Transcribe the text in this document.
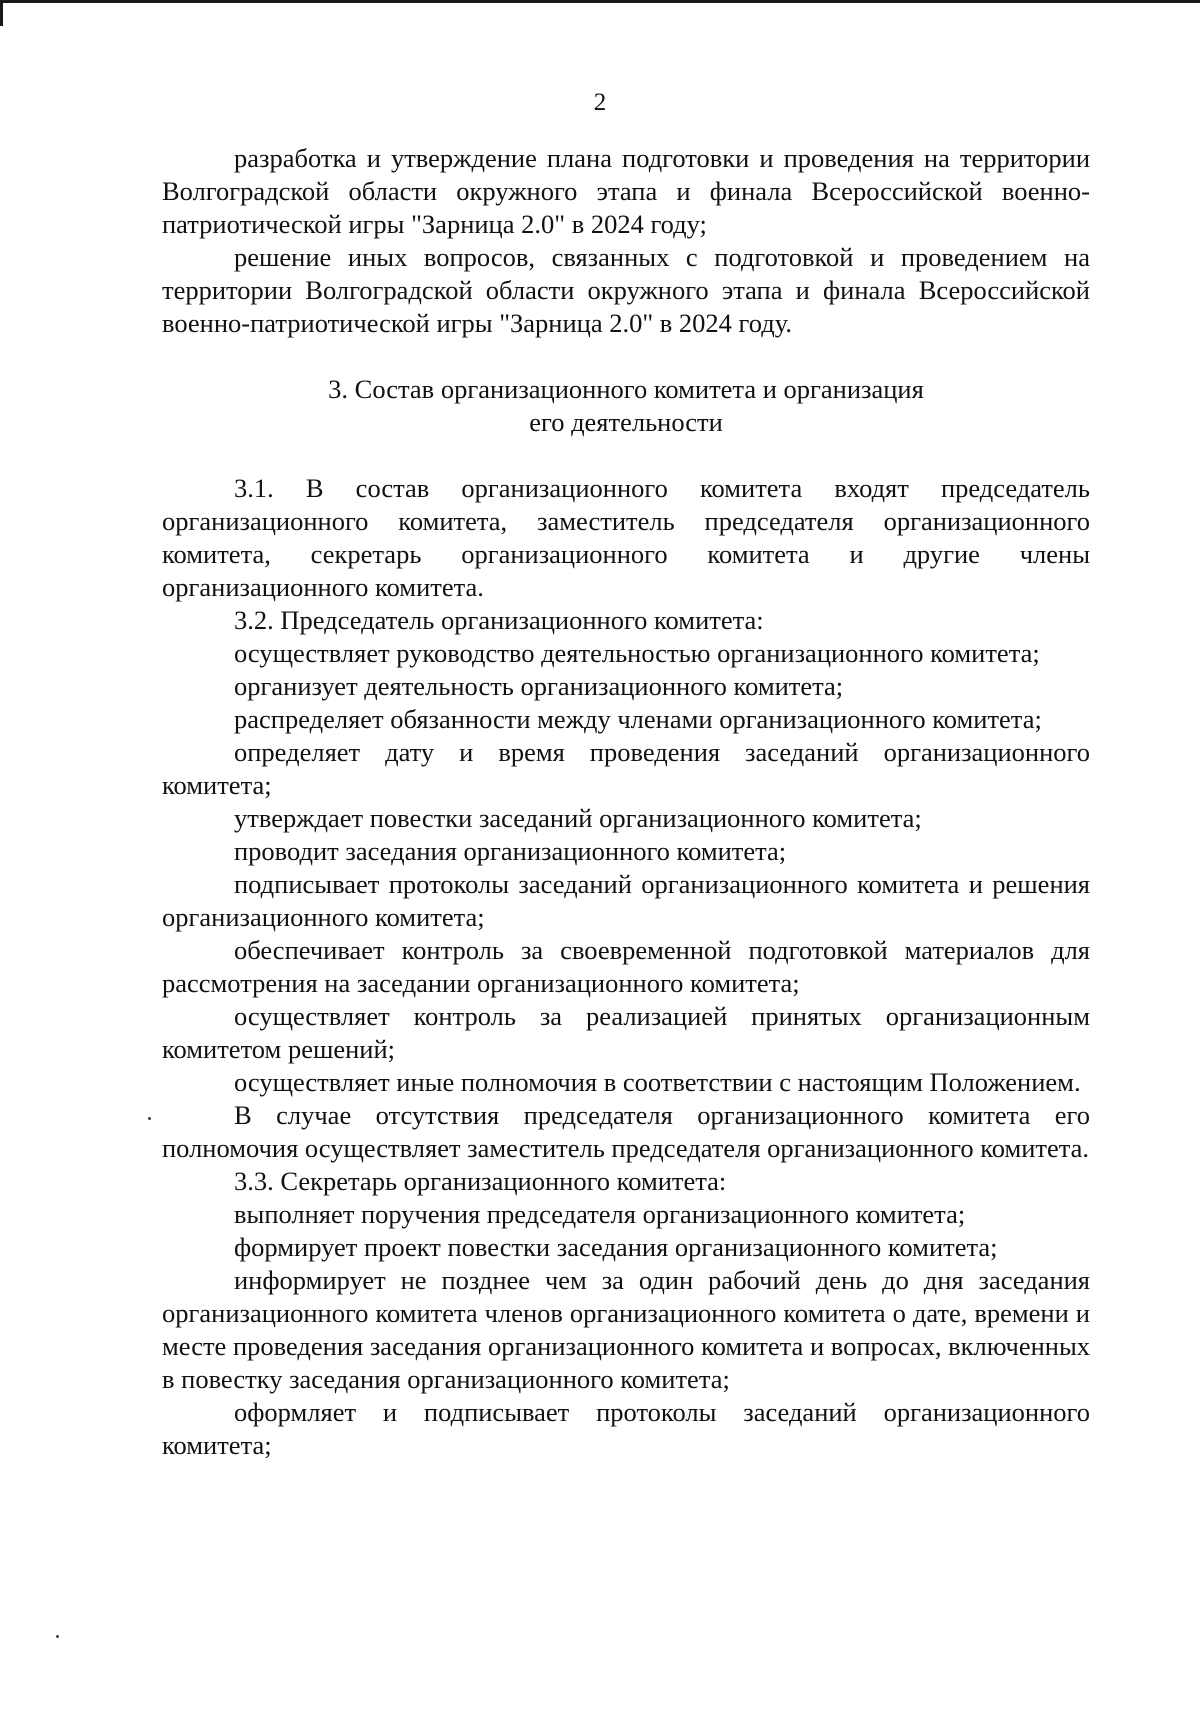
2

разработка и утверждение плана подготовки и проведения на территории Волгоградской области окружного этапа и финала Всероссийской военно-патриотической игры "Зарница 2.0" в 2024 году;

решение иных вопросов, связанных с подготовкой и проведением на территории Волгоградской области окружного этапа и финала Всероссийской военно-патриотической игры "Зарница 2.0" в 2024 году.

3. Состав организационного комитета и организация

его деятельности

3.1. В состав организационного комитета входят председатель организационного комитета, заместитель председателя организационного комитета, секретарь организационного комитета и другие члены организационного комитета.

3.2. Председатель организационного комитета:

осуществляет руководство деятельностью организационного комитета;

организует деятельность организационного комитета;

распределяет обязанности между членами организационного комитета;

определяет дату и время проведения заседаний организационного комитета;

утверждает повестки заседаний организационного комитета;

проводит заседания организационного комитета;

подписывает протоколы заседаний организационного комитета и решения организационного комитета;

обеспечивает контроль за своевременной подготовкой материалов для рассмотрения на заседании организационного комитета;

осуществляет контроль за реализацией принятых организационным комитетом решений;

осуществляет иные полномочия в соответствии с настоящим Положением.

В случае отсутствия председателя организационного комитета его полномочия осуществляет заместитель председателя организационного комитета.

3.3. Секретарь организационного комитета:

выполняет поручения председателя организационного комитета;

формирует проект повестки заседания организационного комитета;

информирует не позднее чем за один рабочий день до дня заседания организационного комитета членов организационного комитета о дате, времени и месте проведения заседания организационного комитета и вопросах, включенных в повестку заседания организационного комитета;

оформляет и подписывает протоколы заседаний организационного комитета;
